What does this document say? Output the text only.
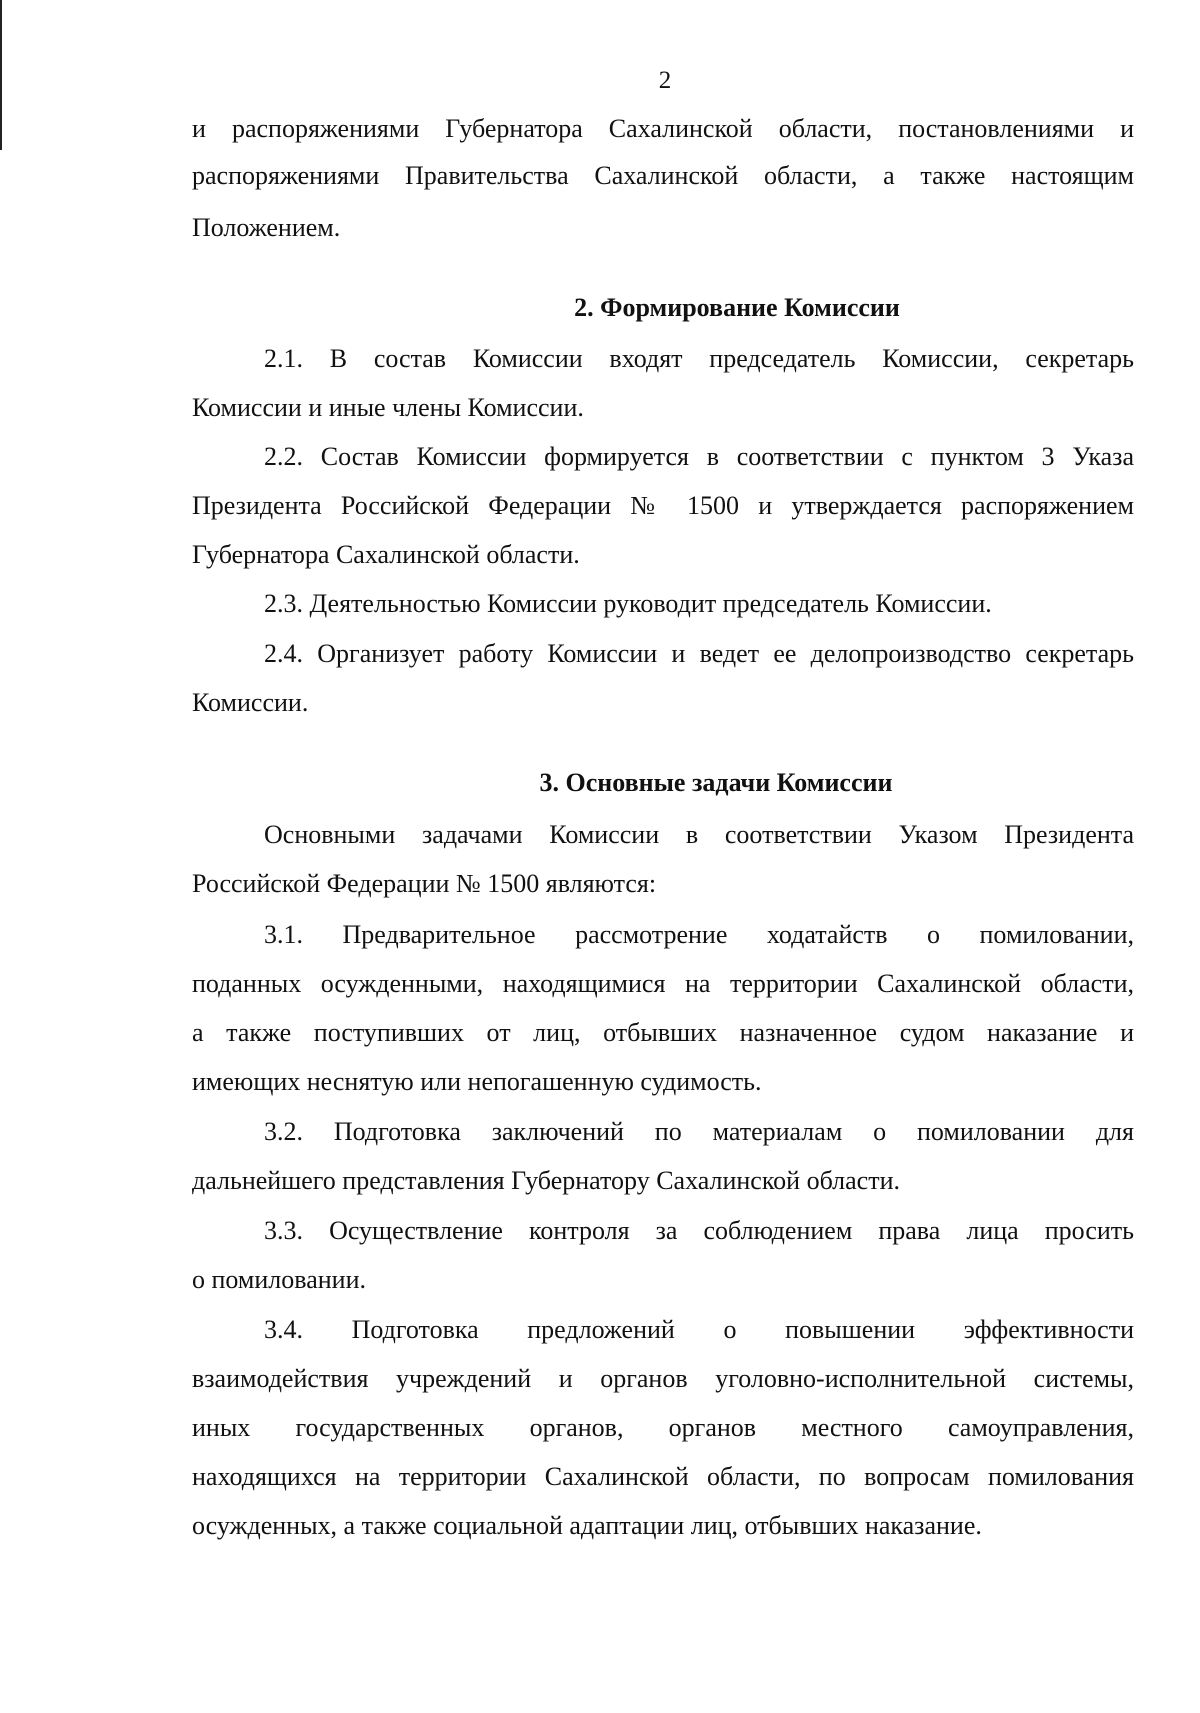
2
и распоряжениями Губернатора Сахалинской области, постановлениями и
распоряжениями Правительства Сахалинской области, а также настоящим
Положением.
2. Формирование Комиссии
2.1. В состав Комиссии входят председатель Комиссии, секретарь
Комиссии и иные члены Комиссии.
2.2. Состав Комиссии формируется в соответствии с пунктом 3 Указа
Президента Российской Федерации № 1500 и утверждается распоряжением
Губернатора Сахалинской области.
2.3. Деятельностью Комиссии руководит председатель Комиссии.
2.4. Организует работу Комиссии и ведет ее делопроизводство секретарь
Комиссии.
3. Основные задачи Комиссии
Основными задачами Комиссии в соответствии Указом Президента
Российской Федерации № 1500 являются:
3.1. Предварительное рассмотрение ходатайств о помиловании,
поданных осужденными, находящимися на территории Сахалинской области,
а также поступивших от лиц, отбывших назначенное судом наказание и
имеющих неснятую или непогашенную судимость.
3.2. Подготовка заключений по материалам о помиловании для
дальнейшего представления Губернатору Сахалинской области.
3.3. Осуществление контроля за соблюдением права лица просить
о помиловании.
3.4. Подготовка предложений о повышении эффективности
взаимодействия учреждений и органов уголовно-исполнительной системы,
иных государственных органов, органов местного самоуправления,
находящихся на территории Сахалинской области, по вопросам помилования
осужденных, а также социальной адаптации лиц, отбывших наказание.
